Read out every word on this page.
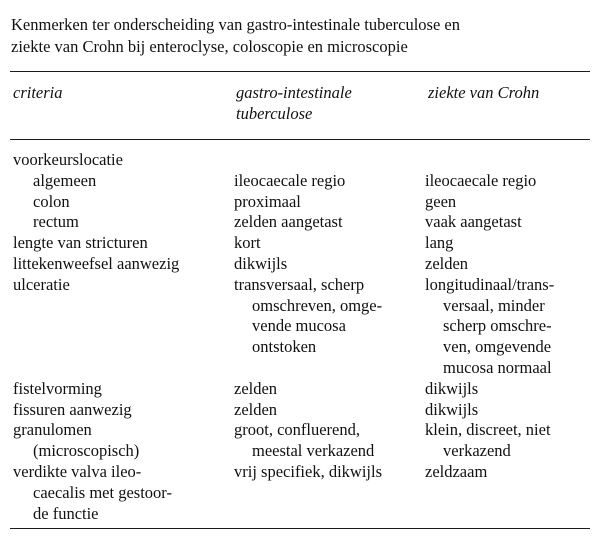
Kenmerken ter onderscheiding van gastro-intestinale tuberculose en
ziekte van Crohn bij enteroclyse, coloscopie en microscopie
criteria	gastro-intestinale
tuberculose
ziekte van Crohn
voorkeurslocatie
algemeen
colon
rectum
lengte van stricturen
littekenweefsel aanwezig
ulceratie
fistelvorming
fissuren aanwezig
granulomen
(microscopisch)
verdikte valva ileo-
caecalis met gestoor-
de functie
ileocaecale regio
proximaal
zelden aangetast
kort
dikwijls
transversaal, scherp
omschreven, omge-
vende mucosa
ontstoken
zelden
zelden
groot, confluerend,
meestal verkazend
vrij specifiek, dikwijls
ileocaecale regio
geen
vaak aangetast
lang
zelden
longitudinaal/trans-
versaal, minder
scherp omschre-
ven, omgevende
mucosa normaal
dikwijls
dikwijls
klein, discreet, niet
verkazend
zeldzaam
